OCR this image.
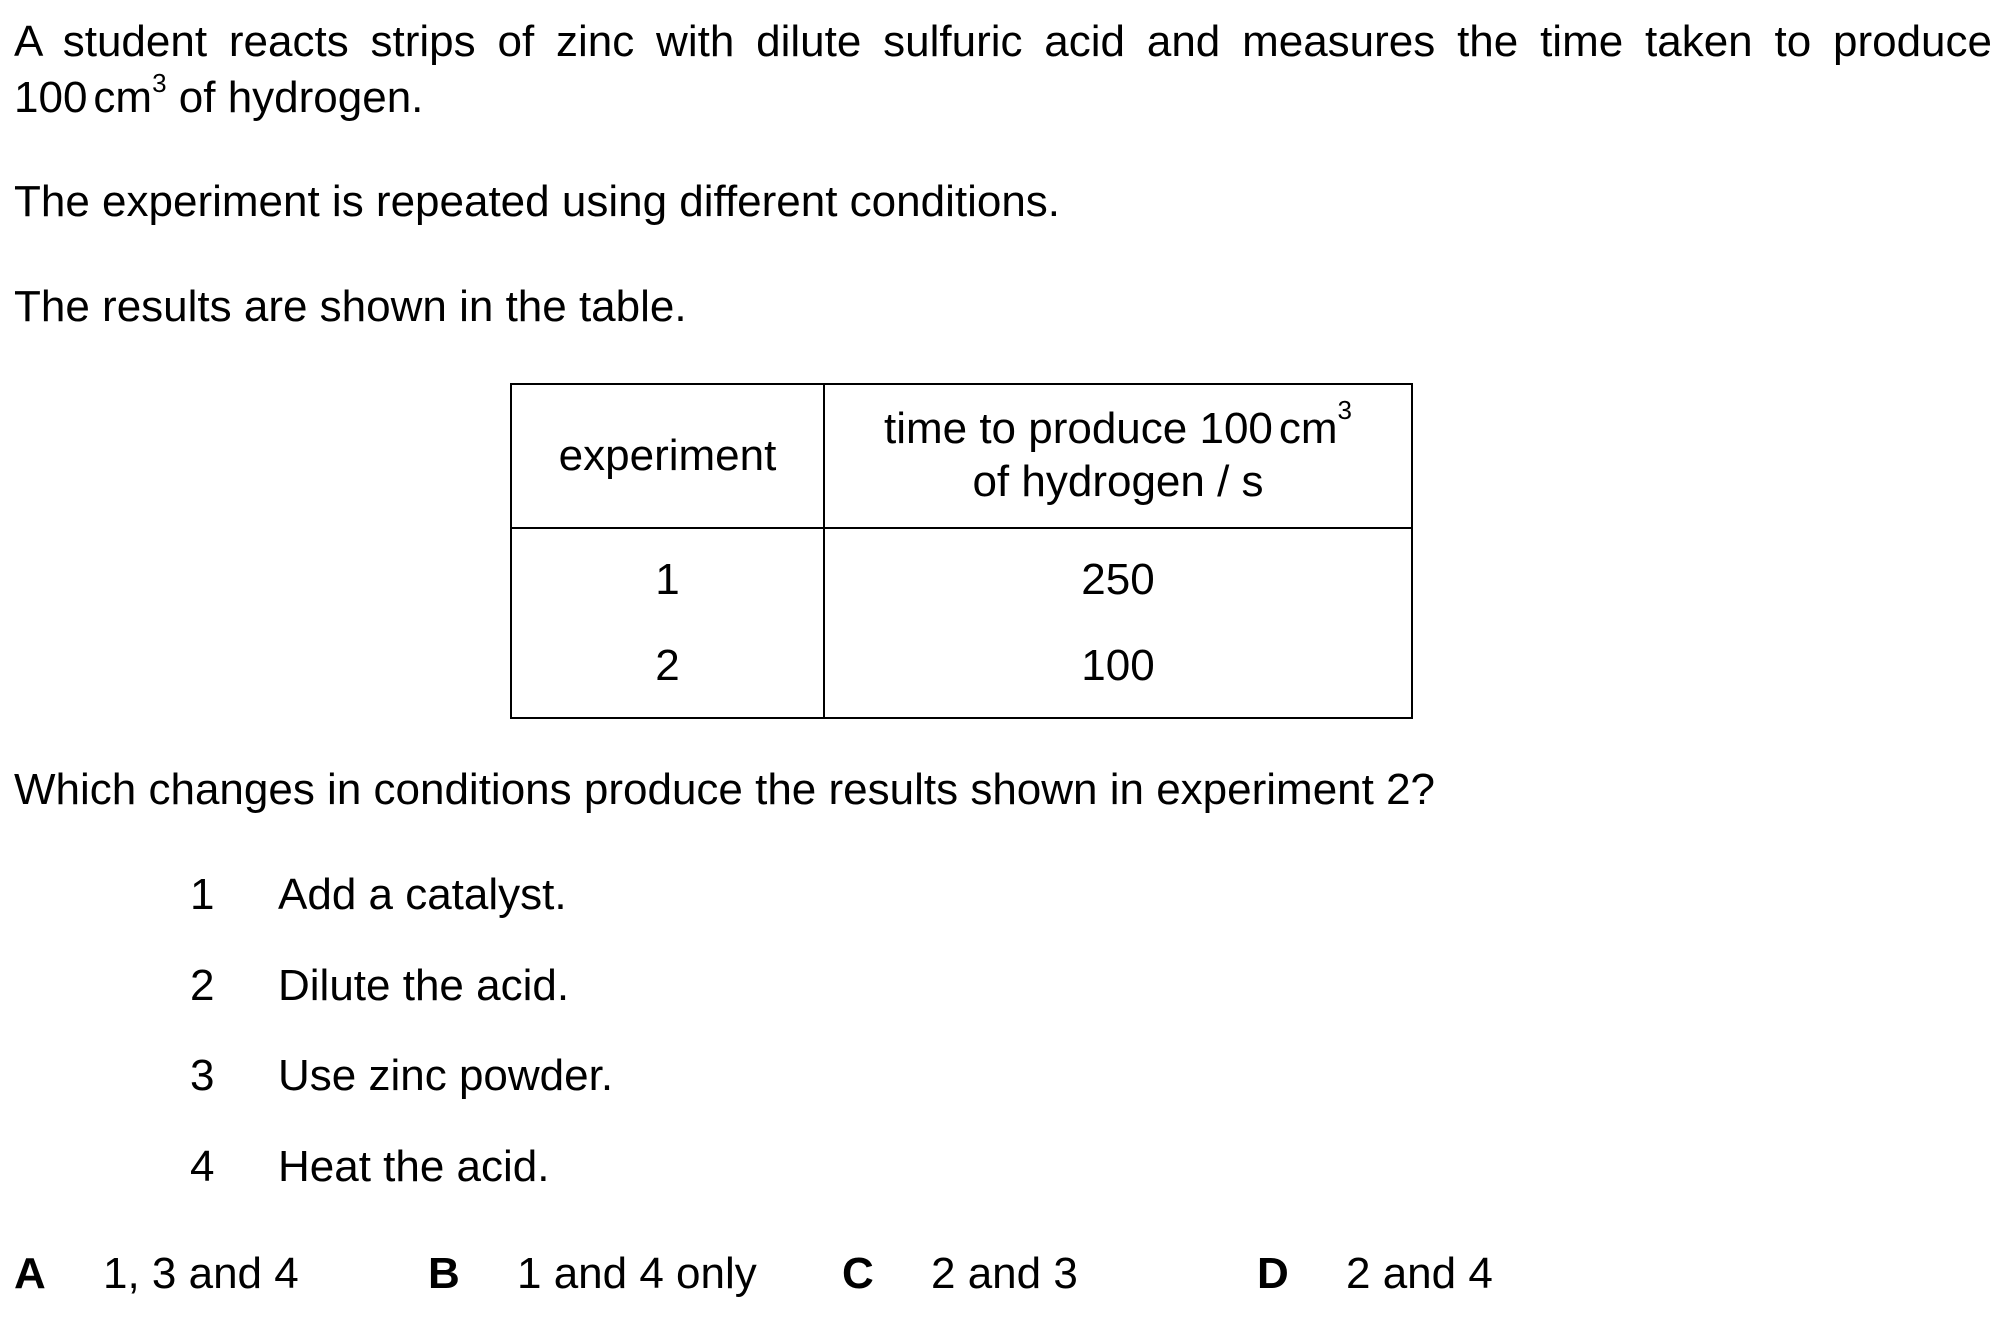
A student reacts strips of zinc with dilute sulfuric acid and measures the time taken to produce
100 $cm^3$ of hydrogen.
The experiment is repeated using different conditions.
The results are shown in the table.
experiment	time to produce 100 $cm^3$
of hydrogen / s
1	250
2	100
Which changes in conditions produce the results shown in experiment 2?
1 Add a catalyst.
2 Dilute the acid.
3 Use zinc powder.
4 Heat the acid.
A 1, 3 and 4	B 1 and 4 only C 2 and 3	D 2 and 4
